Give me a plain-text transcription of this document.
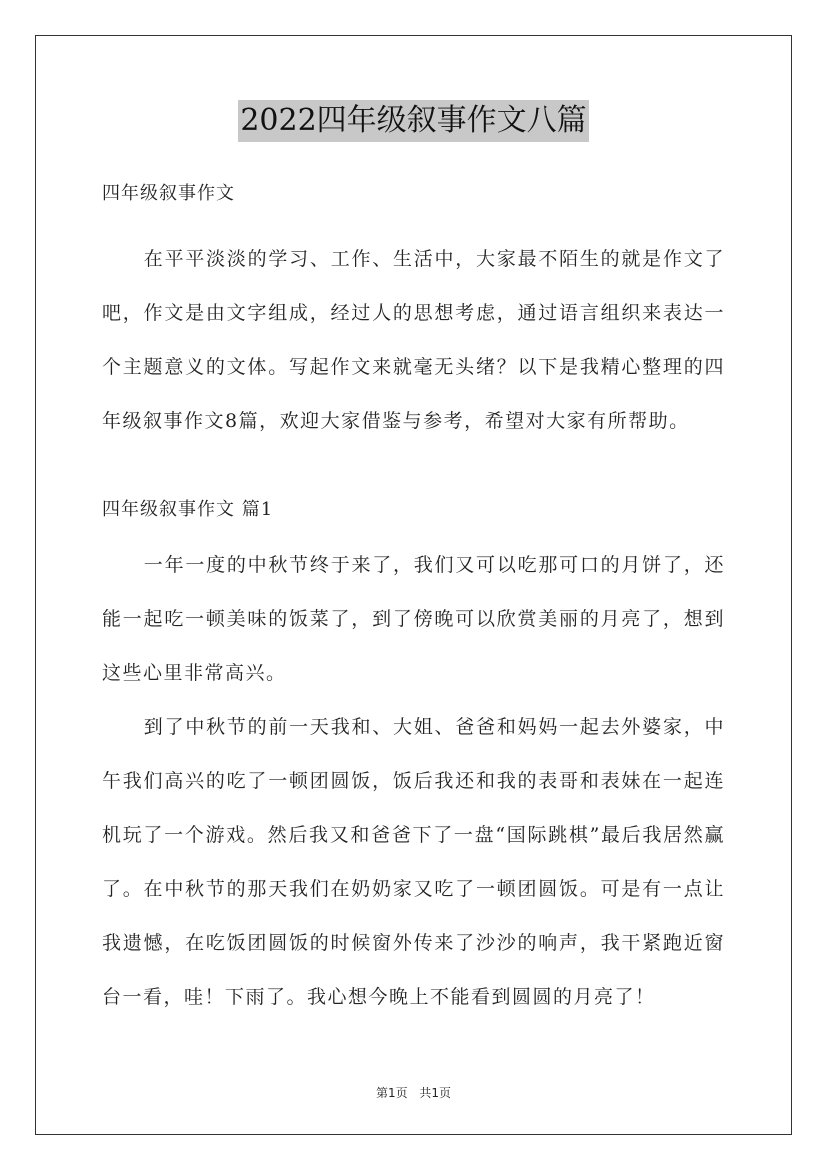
2022四年级叙事作文八篇

四年级叙事作文

在平平淡淡的学习、工作、生活中，大家最不陌生的就是作文了吧，作文是由文字组成，经过人的思想考虑，通过语言组织来表达一个主题意义的文体。写起作文来就毫无头绪？以下是我精心整理的四年级叙事作文8篇，欢迎大家借鉴与参考，希望对大家有所帮助。

四年级叙事作文 篇1

一年一度的中秋节终于来了，我们又可以吃那可口的月饼了，还能一起吃一顿美味的饭菜了，到了傍晚可以欣赏美丽的月亮了，想到这些心里非常高兴。

到了中秋节的前一天我和、大姐、爸爸和妈妈一起去外婆家，中午我们高兴的吃了一顿团圆饭，饭后我还和我的表哥和表妹在一起连机玩了一个游戏。然后我又和爸爸下了一盘“国际跳棋”最后我居然赢了。在中秋节的那天我们在奶奶家又吃了一顿团圆饭。可是有一点让我遗憾，在吃饭团圆饭的时候窗外传来了沙沙的响声，我干紧跑近窗台一看，哇！下雨了。我心想今晚上不能看到圆圆的月亮了！

第1页 共1页
